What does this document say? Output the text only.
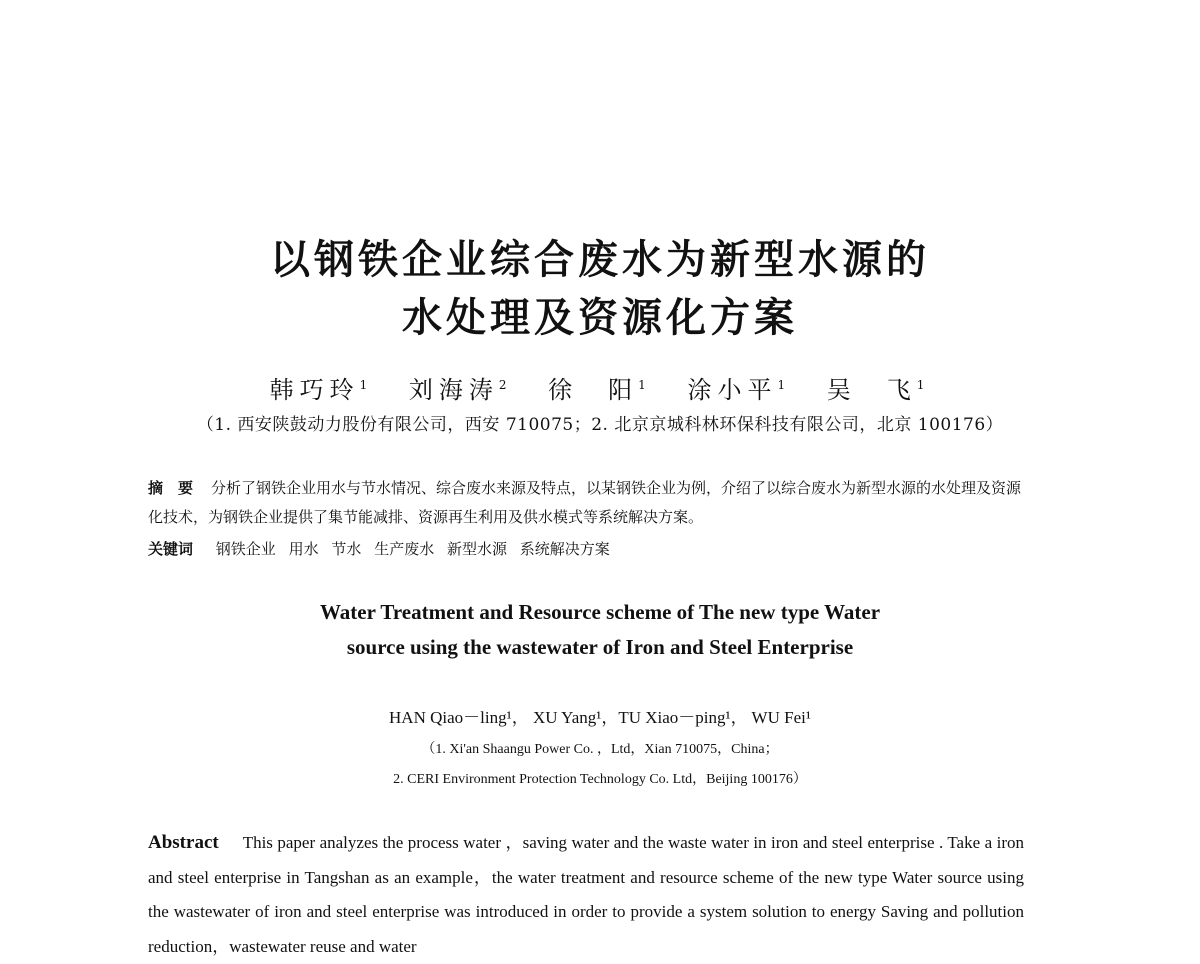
以钢铁企业综合废水为新型水源的
水处理及资源化方案
韩巧玲$^1$ 刘海涛$^2$ 徐　阳$^1$ 涂小平$^1$ 吴　飞$^1$
（1. 西安陕鼓动力股份有限公司，西安 710075；2. 北京京城科林环保科技有限公司，北京 100176）
摘　要 分析了钢铁企业用水与节水情况、综合废水来源及特点，以某钢铁企业为例，介绍了以综合废水为新型水源的水处理及资源化技术，为钢铁企业提供了集节能减排、资源再生利用及供水模式等系统解决方案。
关键词 钢铁企业 用水 节水 生产废水 新型水源 系统解决方案
Water Treatment and Resource scheme of The new type Water
source using the wastewater of Iron and Steel Enterprise
HAN Qiao－ling¹， XU Yang¹，TU Xiao－ping¹， WU Fei¹
（1. Xi'an Shaangu Power Co. ，Ltd，Xian 710075，China；
2. CERI Environment Protection Technology Co. Ltd，Beijing 100176）
Abstract This paper analyzes the process water ，saving water and the waste water in iron and steel enterprise . Take a iron and steel enterprise in Tangshan as an example，the water treatment and resource scheme of the new type Water source using the wastewater of iron and steel enterprise was introduced in order to provide a system solution to energy Saving and pollution reduction，wastewater reuse and water
